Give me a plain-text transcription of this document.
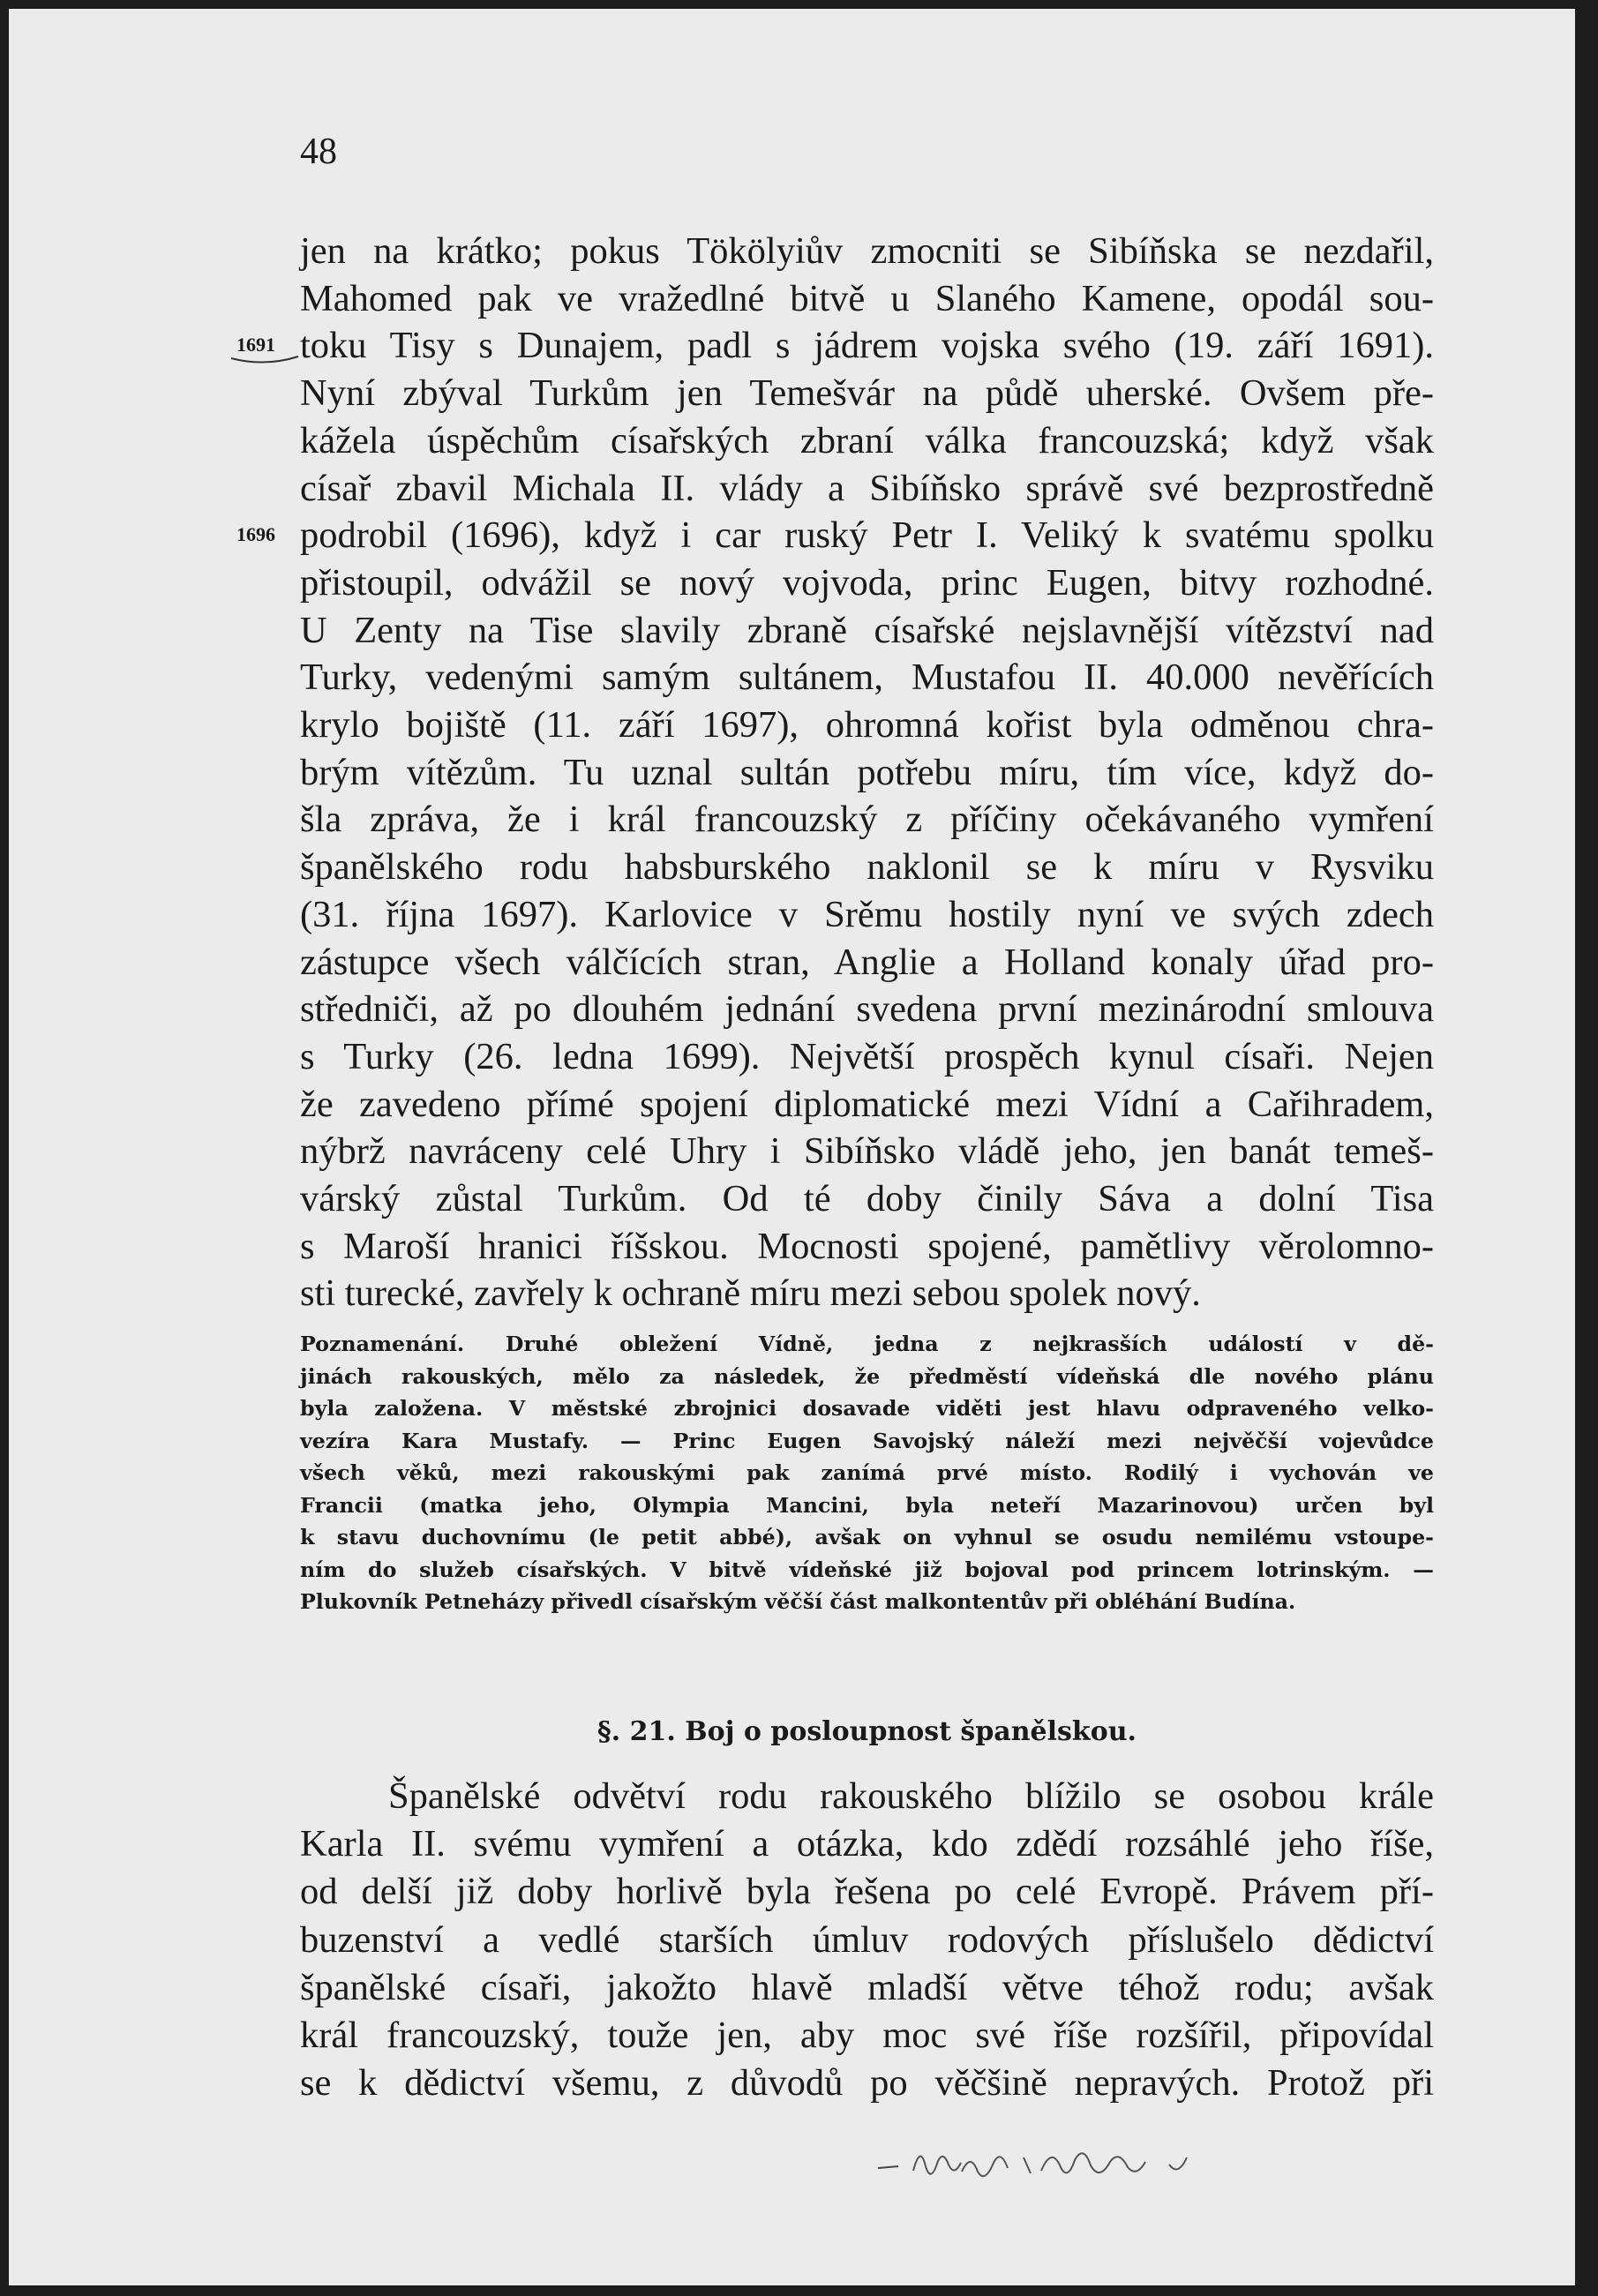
48
1691
1696
jen na krátko; pokus Tökölyiův zmocniti se Sibíňska se nezdařil,
Mahomed pak ve vražedlné bitvě u Slaného Kamene, opodál sou-
toku Tisy s Dunajem, padl s jádrem vojska svého (19. září 1691).
Nyní zbýval Turkům jen Temešvár na půdě uherské. Ovšem pře-
kážela úspěchům císařských zbraní válka francouzská; když však
císař zbavil Michala II. vlády a Sibíňsko správě své bezprostředně
podrobil (1696), když i car ruský Petr I. Veliký k svatému spolku
přistoupil, odvážil se nový vojvoda, princ Eugen, bitvy rozhodné.
U Zenty na Tise slavily zbraně císařské nejslavnější vítězství nad
Turky, vedenými samým sultánem, Mustafou II. 40.000 nevěřících
krylo bojiště (11. září 1697), ohromná kořist byla odměnou chra-
brým vítězům. Tu uznal sultán potřebu míru, tím více, když do-
šla zpráva, že i král francouzský z příčiny očekávaného vymření
španělského rodu habsburského naklonil se k míru v Rysviku
(31. října 1697). Karlovice v Srěmu hostily nyní ve svých zdech
zástupce všech válčících stran, Anglie a Holland konaly úřad pro-
středniči, až po dlouhém jednání svedena první mezinárodní smlouva
s Turky (26. ledna 1699). Největší prospěch kynul císaři. Nejen
že zavedeno přímé spojení diplomatické mezi Vídní a Cařihradem,
nýbrž navráceny celé Uhry i Sibíňsko vládě jeho, jen banát temeš-
várský zůstal Turkům. Od té doby činily Sáva a dolní Tisa
s Maroší hranici říšskou. Mocnosti spojené, pamětlivy věrolomno-
sti turecké, zavřely k ochraně míru mezi sebou spolek nový.
Poznamenání. Druhé obležení Vídně, jedna z nejkrasších událostí v dě-
jinách rakouských, mělo za následek, že předměstí vídeňská dle nového plánu
byla založena. V městské zbrojnici dosavade viděti jest hlavu odpraveného velko-
vezíra Kara Mustafy. — Princ Eugen Savojský náleží mezi nejvěčší vojevůdce
všech věků, mezi rakouskými pak zanímá prvé místo. Rodilý i vychován ve
Francii (matka jeho, Olympia Mancini, byla neteří Mazarinovou) určen byl
k stavu duchovnímu (le petit abbé), avšak on vyhnul se osudu nemilému vstoupe-
ním do služeb císařských. V bitvě vídeňské již bojoval pod princem lotrinským. —
Plukovník Petneházy přivedl císařským věčší část malkontentův při obléhání Budína.
§. 21. Boj o posloupnost španělskou.
Španělské odvětví rodu rakouského blížilo se osobou krále
Karla II. svému vymření a otázka, kdo zdědí rozsáhlé jeho říše,
od delší již doby horlivě byla řešena po celé Evropě. Právem pří-
buzenství a vedlé starších úmluv rodových příslušelo dědictví
španělské císaři, jakožto hlavě mladší větve téhož rodu; avšak
král francouzský, touže jen, aby moc své říše rozšířil, připovídal
se k dědictví všemu, z důvodů po věčšině nepravých. Protož při
